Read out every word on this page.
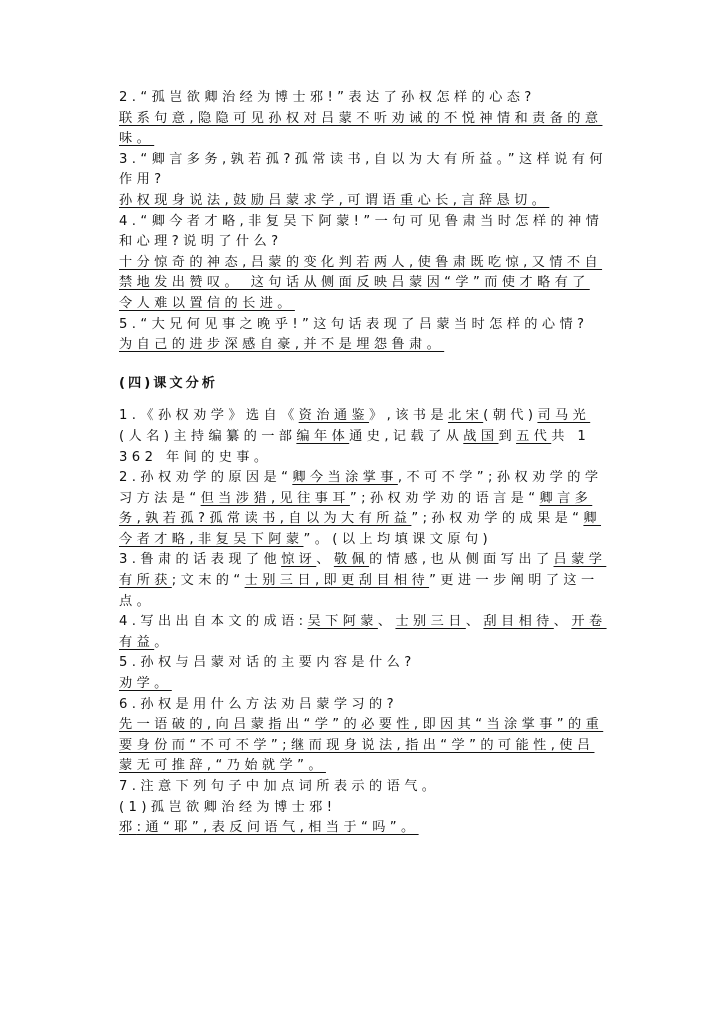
2.“孤岂欲卿治经为博士邪!”表达了孙权怎样的心态?

联系句意,隐隐可见孙权对吕蒙不听劝诫的不悦神情和责备的意味。

3.“卿言多务,孰若孤?孤常读书,自以为大有所益。”这样说有何作用?

孙权现身说法,鼓励吕蒙求学,可谓语重心长,言辞恳切。

4.“卿今者才略,非复吴下阿蒙!”一句可见鲁肃当时怎样的神情和心理?说明了什么?

十分惊奇的神态,吕蒙的变化判若两人,使鲁肃既吃惊,又情不自禁地发出赞叹。 这句话从侧面反映吕蒙因“学”而使才略有了令人难以置信的长进。

5.“大兄何见事之晚乎!”这句话表现了吕蒙当时怎样的心情?

为自己的进步深感自豪,并不是埋怨鲁肃。

(四)课文分析

1.《孙权劝学》选自《资治通鉴》,该书是北宋(朝代)司马光(人名)主持编纂的一部编年体通史,记载了从战国到五代共 1 362 年间的史事。

2.孙权劝学的原因是“卿今当涂掌事,不可不学”;孙权劝学的学习方法是“但当涉猎,见往事耳”;孙权劝学劝的语言是“卿言多务,孰若孤?孤常读书,自以为大有所益”;孙权劝学的成果是“卿今者才略,非复吴下阿蒙”。(以上均填课文原句)

3.鲁肃的话表现了他惊讶、敬佩的情感,也从侧面写出了吕蒙学有所获;文末的“士别三日,即更刮目相待”更进一步阐明了这一点。

4.写出出自本文的成语:吴下阿蒙、士别三日、刮目相待、开卷有益。

5.孙权与吕蒙对话的主要内容是什么?

劝学。

6.孙权是用什么方法劝吕蒙学习的?

先一语破的,向吕蒙指出“学”的必要性,即因其“当涂掌事”的重要身份而“不可不学”;继而现身说法,指出“学”的可能性,使吕蒙无可推辞,“乃始就学”。

7.注意下列句子中加点词所表示的语气。

(1)孤岂欲卿治经为博士邪!

邪:通“耶”,表反问语气,相当于“吗”。
